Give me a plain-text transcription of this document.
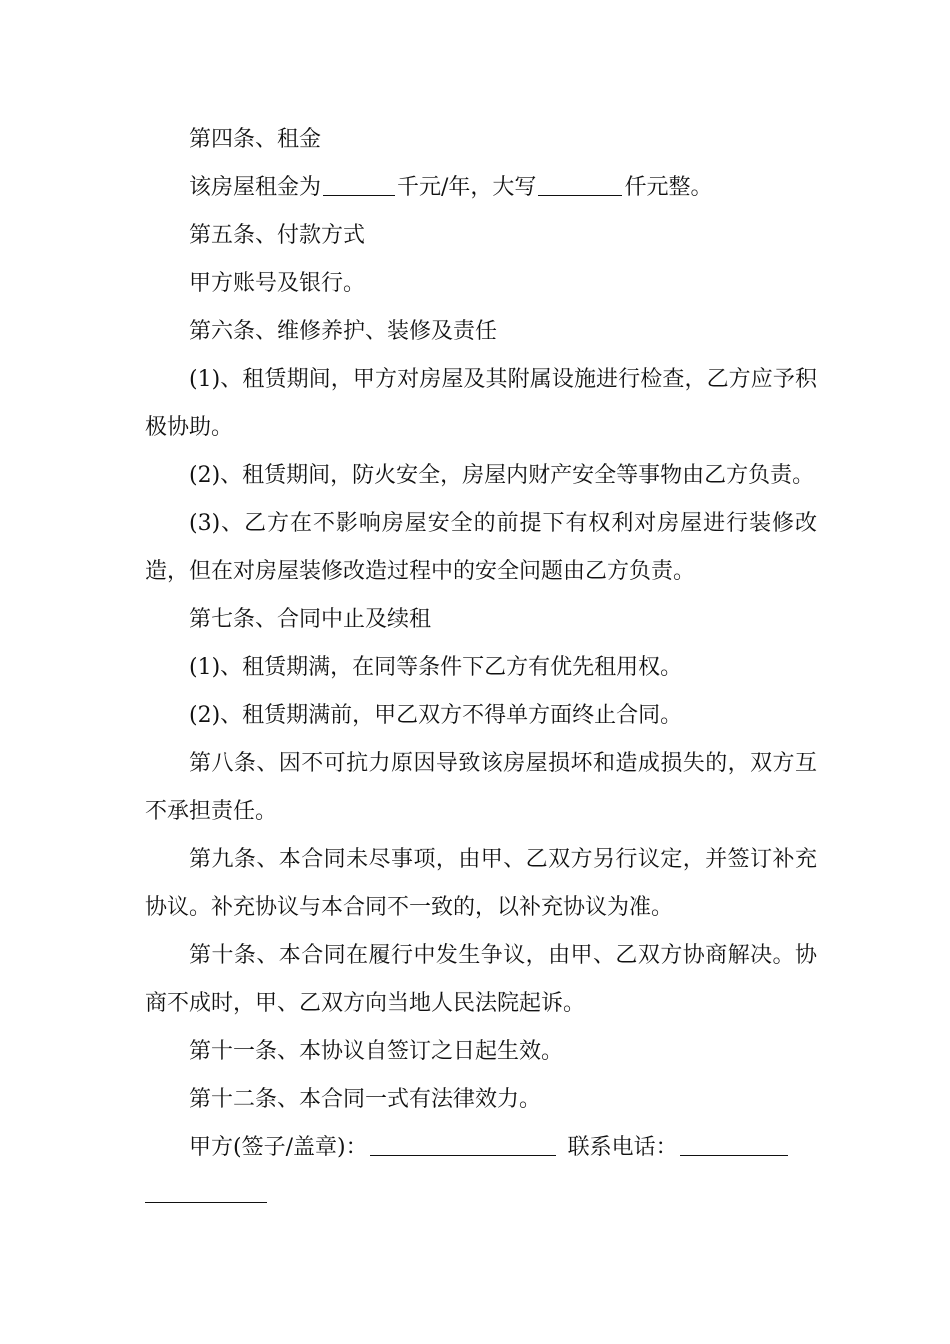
第四条、租金

该房屋租金为	千元/年，大写	仟元整。

第五条、付款方式

甲方账号及银行。

第六条、维修养护、装修及责任

(1)、租赁期间，甲方对房屋及其附属设施进行检查，乙方应予积极协助。

(2)、租赁期间，防火安全，房屋内财产安全等事物由乙方负责。

(3)、乙方在不影响房屋安全的前提下有权利对房屋进行装修改造，但在对房屋装修改造过程中的安全问题由乙方负责。

第七条、合同中止及续租

(1)、租赁期满，在同等条件下乙方有优先租用权。

(2)、租赁期满前，甲乙双方不得单方面终止合同。

第八条、因不可抗力原因导致该房屋损坏和造成损失的，双方互不承担责任。

第九条、本合同未尽事项，由甲、乙双方另行议定，并签订补充协议。补充协议与本合同不一致的，以补充协议为准。

第十条、本合同在履行中发生争议，由甲、乙双方协商解决。协商不成时，甲、乙双方向当地人民法院起诉。

第十一条、本协议自签订之日起生效。

第十二条、本合同一式有法律效力。

甲方(签子/盖章)：	联系电话：
